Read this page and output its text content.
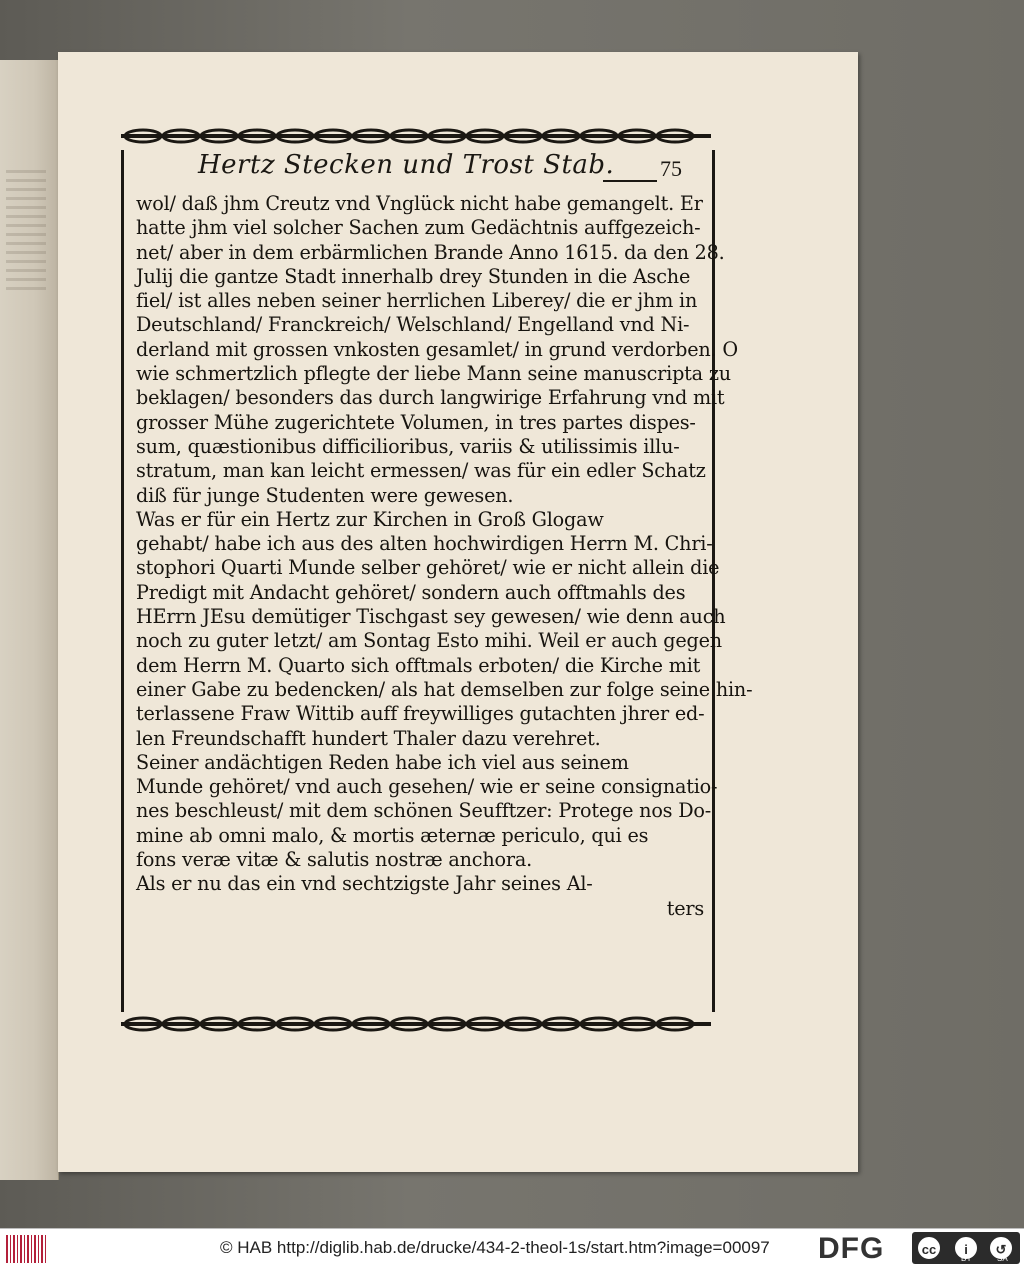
Hertz Stecken und Trost Stab.	75
wol/ daß jhm Creutz vnd Vnglück nicht habe gemangelt. Er
hatte jhm viel solcher Sachen zum Gedächtnis auffgezeich-
net/ aber in dem erbärmlichen Brande Anno 1615. da den 28.
Julij die gantze Stadt innerhalb drey Stunden in die Asche
fiel/ ist alles neben seiner herrlichen Liberey/ die er jhm in
Deutschland/ Franckreich/ Welschland/ Engelland vnd Ni-
derland mit grossen vnkosten gesamlet/ in grund verdorben. O
wie schmertzlich pflegte der liebe Mann seine manuscripta zu
beklagen/ besonders das durch langwirige Erfahrung vnd mit
grosser Mühe zugerichtete Volumen, in tres partes dispes-
sum, quæstionibus difficilioribus, variis & utilissimis illu-
stratum, man kan leicht ermessen/ was für ein edler Schatz
diß für junge Studenten were gewesen.
Was er für ein Hertz zur Kirchen in Groß Glogaw
gehabt/ habe ich aus des alten hochwirdigen Herrn M. Chri-
stophori Quarti Munde selber gehöret/ wie er nicht allein die
Predigt mit Andacht gehöret/ sondern auch offtmahls des
HErrn JEsu demütiger Tischgast sey gewesen/ wie denn auch
noch zu guter letzt/ am Sontag Esto mihi. Weil er auch gegen
dem Herrn M. Quarto sich offtmals erboten/ die Kirche mit
einer Gabe zu bedencken/ als hat demselben zur folge seine hin-
terlassene Fraw Wittib auff freywilliges gutachten jhrer ed-
len Freundschafft hundert Thaler dazu verehret.
Seiner andächtigen Reden habe ich viel aus seinem
Munde gehöret/ vnd auch gesehen/ wie er seine consignatio-
nes beschleust/ mit dem schönen Seufftzer: Protege nos Do-
mine ab omni malo, & mortis æternæ periculo, qui es
fons veræ vitæ & salutis nostræ anchora.
Als er nu das ein vnd sechtzigste Jahr seines Al-
ters
© HAB http://diglib.hab.de/drucke/434-2-theol-1s/start.htm?image=00097 DFG	cc	i	↺
BY	SA
